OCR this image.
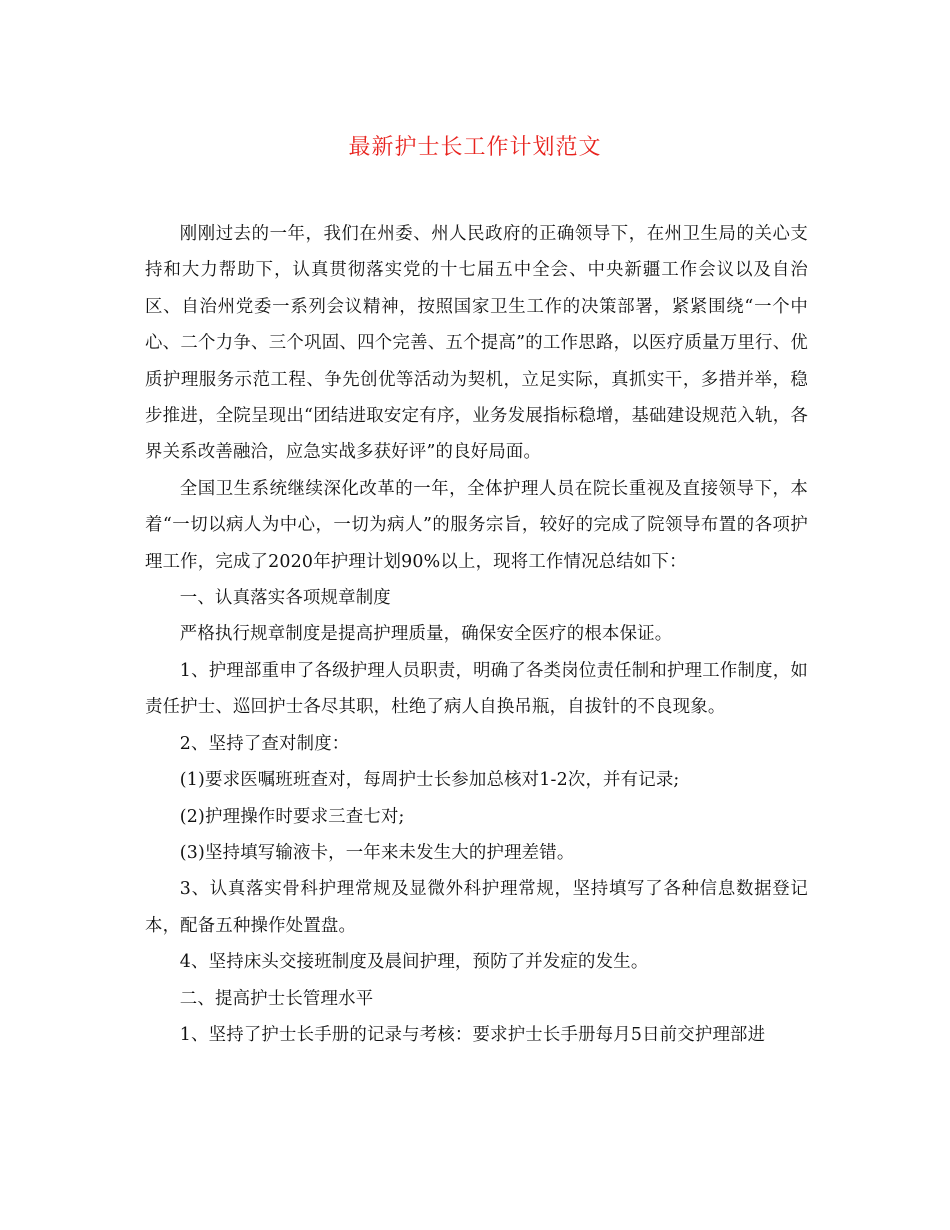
最新护士长工作计划范文

刚刚过去的一年，我们在州委、州人民政府的正确领导下，在州卫生局的关心支持和大力帮助下，认真贯彻落实党的十七届五中全会、中央新疆工作会议以及自治区、自治州党委一系列会议精神，按照国家卫生工作的决策部署，紧紧围绕“一个中心、二个力争、三个巩固、四个完善、五个提高”的工作思路，以医疗质量万里行、优质护理服务示范工程、争先创优等活动为契机，立足实际，真抓实干，多措并举，稳步推进，全院呈现出“团结进取安定有序，业务发展指标稳增，基础建设规范入轨，各界关系改善融洽，应急实战多获好评”的良好局面。

全国卫生系统继续深化改革的一年，全体护理人员在院长重视及直接领导下，本着“一切以病人为中心，一切为病人”的服务宗旨，较好的完成了院领导布置的各项护理工作，完成了2020年护理计划90%以上，现将工作情况总结如下：

一、认真落实各项规章制度

严格执行规章制度是提高护理质量，确保安全医疗的根本保证。

1、护理部重申了各级护理人员职责，明确了各类岗位责任制和护理工作制度，如责任护士、巡回护士各尽其职，杜绝了病人自换吊瓶，自拔针的不良现象。

2、坚持了查对制度：

(1)要求医嘱班班查对，每周护士长参加总核对1-2次，并有记录;

(2)护理操作时要求三查七对;

(3)坚持填写输液卡，一年来未发生大的护理差错。

3、认真落实骨科护理常规及显微外科护理常规，坚持填写了各种信息数据登记本，配备五种操作处置盘。

4、坚持床头交接班制度及晨间护理，预防了并发症的发生。

二、提高护士长管理水平

1、坚持了护士长手册的记录与考核：要求护士长手册每月5日前交护理部进
